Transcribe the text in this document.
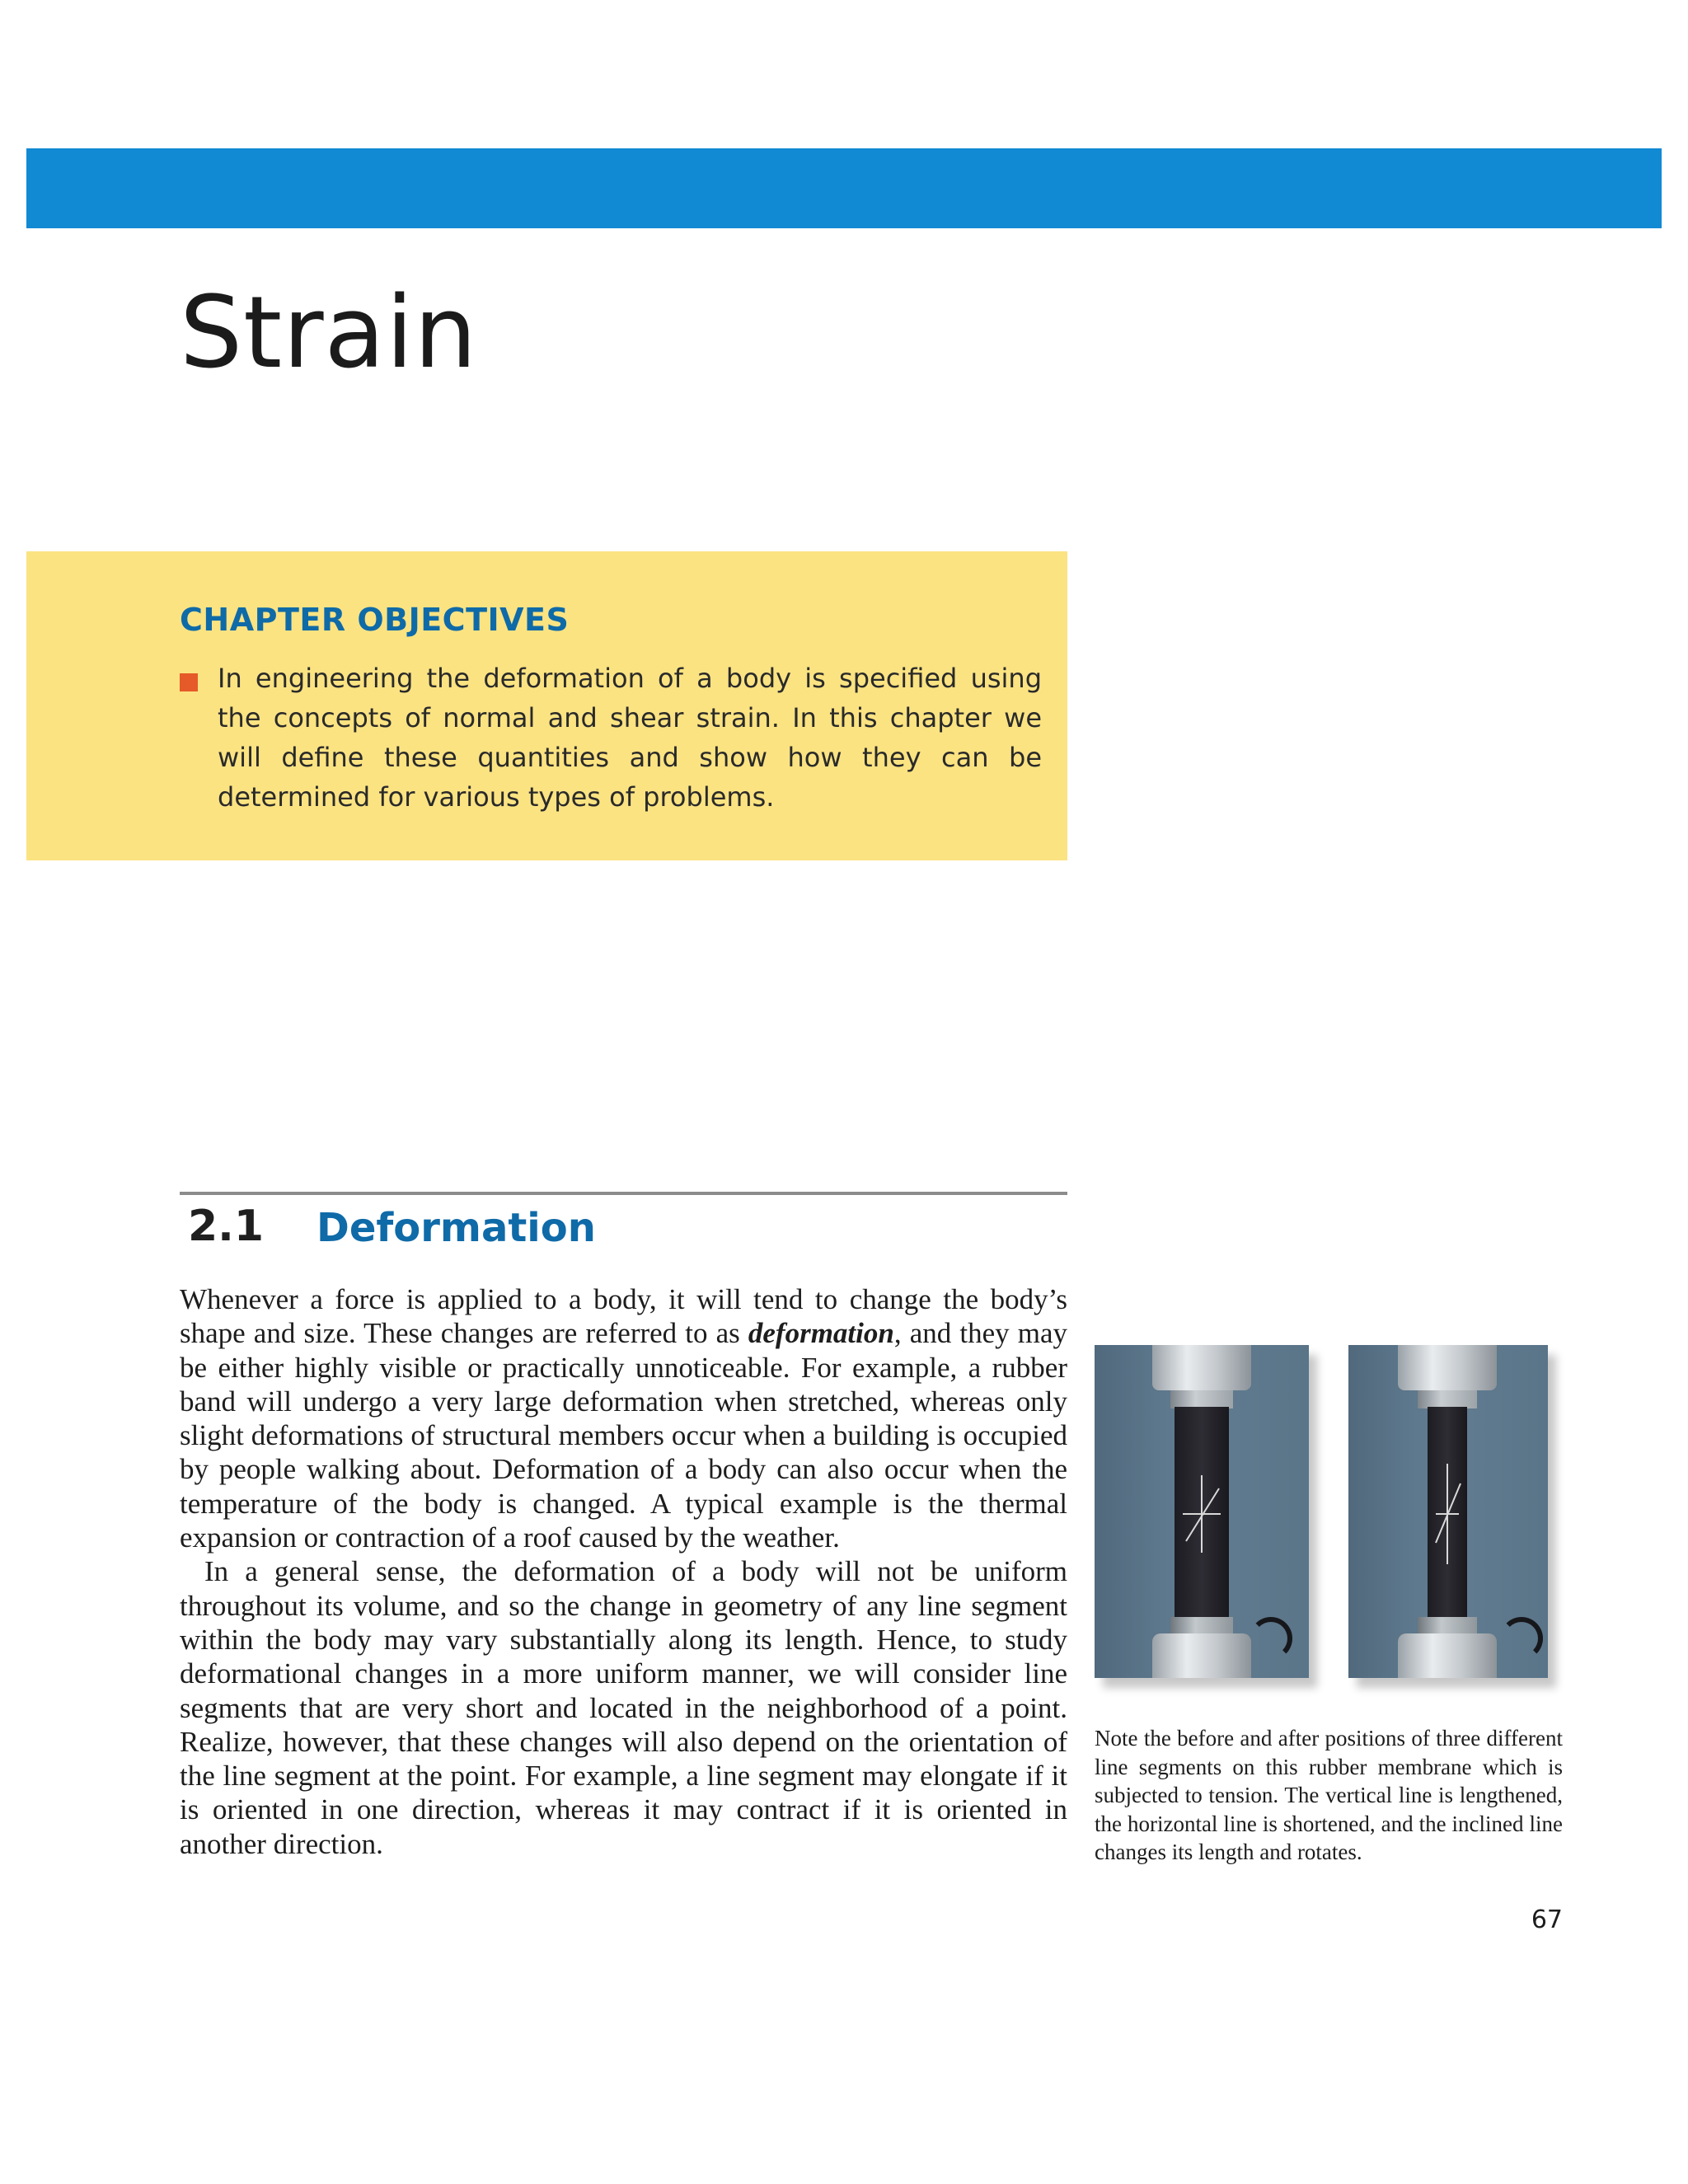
Strain
CHAPTER OBJECTIVES

In engineering the deformation of a body is specified using the concepts of normal and shear strain. In this chapter we will define these quantities and show how they can be determined for various types of problems.

2.1 Deformation

Whenever a force is applied to a body, it will tend to change the body’s shape and size. These changes are referred to as deformation, and they may be either highly visible or practically unnoticeable. For example, a rubber band will undergo a very large deformation when stretched, whereas only slight deformations of structural members occur when a building is occupied by people walking about. Deformation of a body can also occur when the temperature of the body is changed. A typical example is the thermal expansion or contraction of a roof caused by the weather.

In a general sense, the deformation of a body will not be uniform throughout its volume, and so the change in geometry of any line segment within the body may vary substantially along its length. Hence, to study deformational changes in a more uniform manner, we will consider line segments that are very short and located in the neighborhood of a point. Realize, however, that these changes will also depend on the orientation of the line segment at the point. For example, a line segment may elongate if it is oriented in one direction, whereas it may contract if it is oriented in another direction.

Note the before and after positions of three different line segments on this rubber membrane which is subjected to tension. The vertical line is lengthened, the horizontal line is shortened, and the inclined line changes its length and rotates.

67
